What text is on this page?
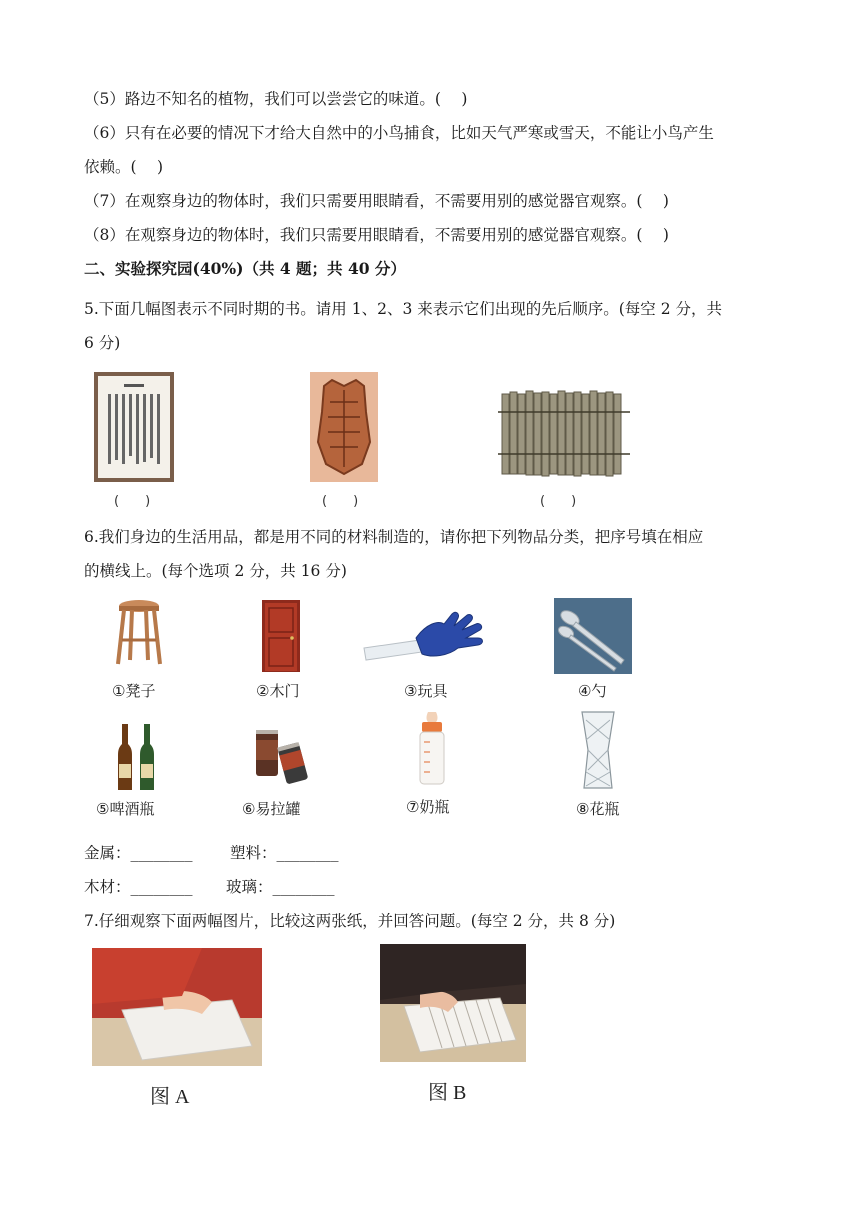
（5）路边不知名的植物，我们可以尝尝它的味道。(　 )
（6）只有在必要的情况下才给大自然中的小鸟捕食，比如天气严寒或雪天，不能让小鸟产生
依赖。(　 )
（7）在观察身边的物体时，我们只需要用眼睛看，不需要用别的感觉器官观察。(　 )
（8）在观察身边的物体时，我们只需要用眼睛看，不需要用别的感觉器官观察。(　 )
二、实验探究园(40%)（共 4 题；共 40 分）
5.下面几幅图表示不同时期的书。请用 1、2、3 来表示它们出现的先后顺序。(每空 2 分，共
6 分)
(　　)	(　　)	(　　)
6.我们身边的生活用品，都是用不同的材料制造的，请你把下列物品分类，把序号填在相应
的横线上。(每个选项 2 分，共 16 分)
①凳子	②木门	③玩具	④勺
⑤啤酒瓶	⑥易拉罐	⑦奶瓶	⑧花瓶
金属：________ 塑料：________
木材：________ 玻璃：________
7.仔细观察下面两幅图片，比较这两张纸，并回答问题。(每空 2 分，共 8 分)
图 A	图 B
